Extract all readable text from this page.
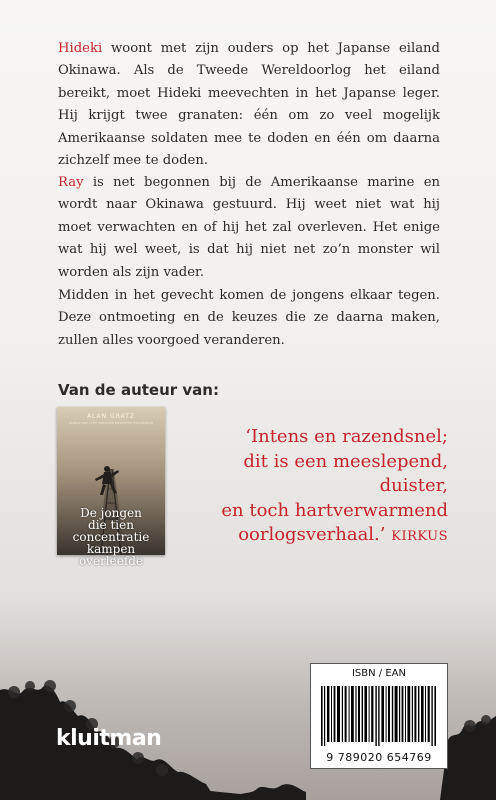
Hideki woont met zijn ouders op het Japanse eiland Okinawa. Als de Tweede Wereldoorlog het eiland bereikt, moet Hideki meevechten in het Japanse leger. Hij krijgt twee granaten: één om zo veel mogelijk Amerikaanse soldaten mee te doden en één om daarna zichzelf mee te doden.

Ray is net begonnen bij de Amerikaanse marine en wordt naar Okinawa gestuurd. Hij weet niet wat hij moet verwachten en of hij het zal overleven. Het enige wat hij wel weet, is dat hij niet net zo’n monster wil worden als zijn vader.

Midden in het gevecht komen de jongens elkaar tegen. Deze ontmoeting en de keuzes die ze daarna maken, zullen alles voorgoed veranderen.

Van de auteur van:
ALAN GRATZ
Auteur van internationale bestseller Vluchteling
De jongen
die tien
concentratie
kampen
overleefde
‘Intens en razendsnel;
dit is een meeslepend, duister,
en toch hartverwarmend
oorlogsverhaal.’ KIRKUS
kluitman
ISBN / EAN
9 789020 654769
